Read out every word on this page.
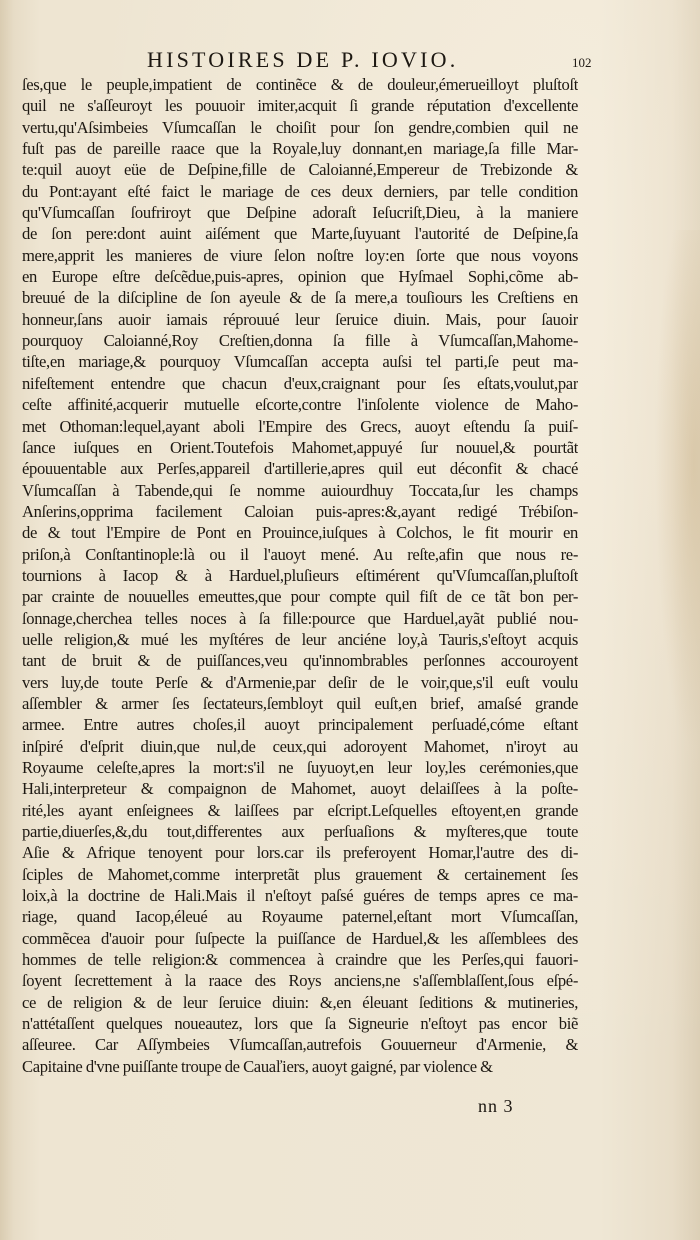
HISTOIRES DE P. IOVIO.	102
ſes,que le peuple,impatient de continẽce & de douleur,émerueilloyt pluſtoſt
quil ne s'aſſeuroyt les pouuoir imiter,acquit ſi grande réputation d'excellente
vertu,qu'Aſsimbeies Vſumcaſſan le choiſit pour ſon gendre,combien quil ne
fuſt pas de pareille raace que la Royale,luy donnant,en mariage,ſa fille Mar-
te:quil auoyt eüe de Deſpine,fille de Caloianné,Empereur de Trebizonde &
du Pont:ayant eſté faict le mariage de ces deux derniers, par telle condition
qu'Vſumcaſſan ſoufriroyt que Deſpine adoraſt Ieſucriſt,Dieu, à la maniere
de ſon pere:dont auint aiſément que Marte,ſuyuant l'autorité de Deſpine,ſa
mere,apprit les manieres de viure ſelon noſtre loy:en ſorte que nous voyons
en Europe eſtre deſcẽdue,puis-apres, opinion que Hyſmael Sophi,cõme ab-
breuué de la diſcipline de ſon ayeule & de ſa mere,a touſiours les Creſtiens en
honneur,ſans auoir iamais réprouué leur ſeruice diuin. Mais, pour ſauoir
pourquoy Caloianné,Roy Creſtien,donna ſa fille à Vſumcaſſan,Mahome-
tiſte,en mariage,& pourquoy Vſumcaſſan accepta auſsi tel parti,ſe peut ma-
nifeſtement entendre que chacun d'eux,craignant pour ſes eſtats,voulut,par
ceſte affinité,acquerir mutuelle eſcorte,contre l'inſolente violence de Maho-
met Othoman:lequel,ayant aboli l'Empire des Grecs, auoyt eſtendu ſa puiſ-
ſance iuſques en Orient.Toutefois Mahomet,appuyé ſur nouuel,& pourtãt
épouuentable aux Perſes,appareil d'artillerie,apres quil eut déconfit & chacé
Vſumcaſſan à Tabende,qui ſe nomme auiourdhuy Toccata,ſur les champs
Anſerins,opprima facilement Caloian puis-apres:&,ayant redigé Trébiſon-
de & tout l'Empire de Pont en Prouince,iuſques à Colchos, le fit mourir en
priſon,à Conſtantinople:là ou il l'auoyt mené. Au reſte,afin que nous re-
tournions à Iacop & à Harduel,pluſieurs eſtimérent qu'Vſumcaſſan,pluſtoſt
par crainte de nouuelles emeuttes,que pour compte quil fiſt de ce tãt bon per-
ſonnage,cherchea telles noces à ſa fille:pource que Harduel,ayãt publié nou-
uelle religion,& mué les myſtéres de leur anciéne loy,à Tauris,s'eſtoyt acquis
tant de bruit & de puiſſances,veu qu'innombrables perſonnes accouroyent
vers luy,de toute Perſe & d'Armenie,par deſir de le voir,que,s'il euſt voulu
aſſembler & armer ſes ſectateurs,ſembloyt quil euſt,en brief, amaſsé grande
armee. Entre autres choſes,il auoyt principalement perſuadé,cóme eſtant
inſpiré d'eſprit diuin,que nul,de ceux,qui adoroyent Mahomet, n'iroyt au
Royaume celeſte,apres la mort:s'il ne ſuyuoyt,en leur loy,les cerémonies,que
Hali,interpreteur & compaignon de Mahomet, auoyt delaiſſees à la poſte-
rité,les ayant enſeignees & laiſſees par eſcript.Leſquelles eſtoyent,en grande
partie,diuerſes,&,du tout,differentes aux perſuaſions & myſteres,que toute
Aſie & Afrique tenoyent pour lors.car ils preferoyent Homar,l'autre des di-
ſciples de Mahomet,comme interpretãt plus grauement & certainement ſes
loix,à la doctrine de Hali.Mais il n'eſtoyt paſsé guéres de temps apres ce ma-
riage, quand Iacop,éleué au Royaume paternel,eſtant mort Vſumcaſſan,
commẽcea d'auoir pour ſuſpecte la puiſſance de Harduel,& les aſſemblees des
hommes de telle religion:& commencea à craindre que les Perſes,qui fauori-
ſoyent ſecrettement à la raace des Roys anciens,ne s'aſſemblaſſent,ſous eſpé-
ce de religion & de leur ſeruice diuin: &,en éleuant ſeditions & mutineries,
n'attétaſſent quelques noueautez, lors que ſa Signeurie n'eſtoyt pas encor biẽ
aſſeuree. Car Aſſymbeies Vſumcaſſan,autrefois Gouuerneur d'Armenie, &
Capitaine d'vne puiſſante troupe de Cauaľiers, auoyt gaigné, par violence &
nn 3
